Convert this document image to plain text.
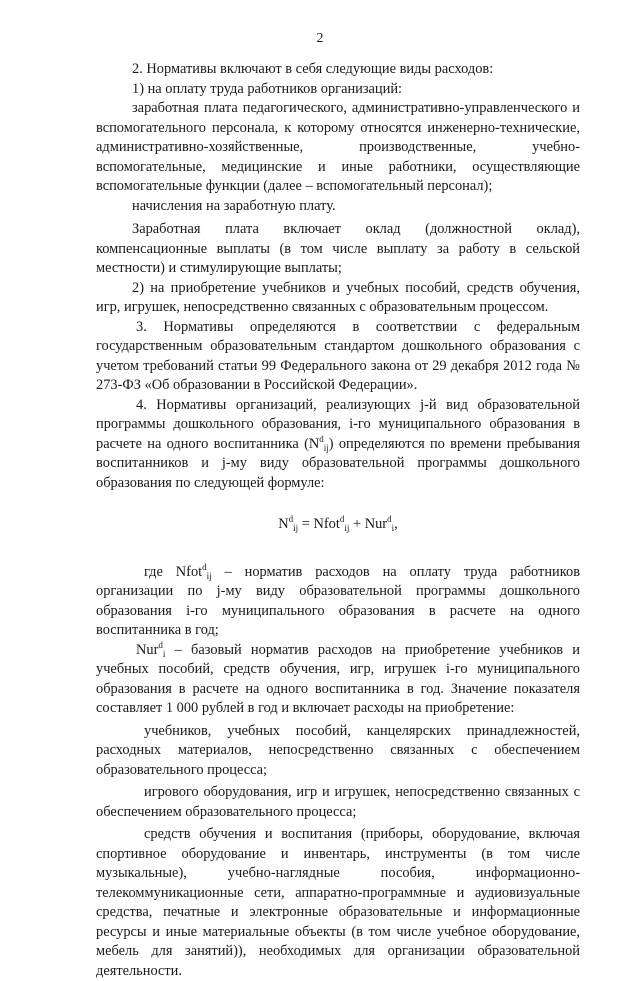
2

2. Нормативы включают в себя следующие виды расходов:

1) на оплату труда работников организаций:

заработная плата педагогического, административно-управленческого и вспомогательного персонала, к которому относятся инженерно-технические, административно-хозяйственные, производственные, учебно-вспомогательные, медицинские и иные работники, осуществляющие вспомогательные функции (далее – вспомогательный персонал);

начисления на заработную плату.

Заработная плата включает оклад (должностной оклад), компенсационные выплаты (в том числе выплату за работу в сельской местности) и стимулирующие выплаты;

2) на приобретение учебников и учебных пособий, средств обучения, игр, игрушек, непосредственно связанных с образовательным процессом.

3. Нормативы определяются в соответствии с федеральным государственным образовательным стандартом дошкольного образования с учетом требований статьи 99 Федерального закона от 29 декабря 2012 года № 273-ФЗ «Об образовании в Российской Федерации».

4. Нормативы организаций, реализующих j-й вид образовательной программы дошкольного образования, i-го муниципального образования в расчете на одного воспитанника $(N^d_{ij})$ определяются по времени пребывания воспитанников и j-му виду образовательной программы дошкольного образования по следующей формуле:

$N^d_{ij}$ = Nfot$^d_{ij}$ + Nur$^d_i$,

где Nfot$^d_{ij}$ – норматив расходов на оплату труда работников организации по j-му виду образовательной программы дошкольного образования i-го муниципального образования в расчете на одного воспитанника в год;

Nur$^d_i$ – базовый норматив расходов на приобретение учебников и учебных пособий, средств обучения, игр, игрушек i-го муниципального образования в расчете на одного воспитанника в год. Значение показателя составляет 1 000 рублей в год и включает расходы на приобретение:

учебников, учебных пособий, канцелярских принадлежностей, расходных материалов, непосредственно связанных с обеспечением образовательного процесса;

игрового оборудования, игр и игрушек, непосредственно связанных с обеспечением образовательного процесса;

средств обучения и воспитания (приборы, оборудование, включая спортивное оборудование и инвентарь, инструменты (в том числе музыкальные), учебно-наглядные пособия, информационно-телекоммуникационные сети, аппаратно-программные и аудиовизуальные средства, печатные и электронные образовательные и информационные ресурсы и иные материальные объекты (в том числе учебное оборудование, мебель для занятий)), необходимых для организации образовательной деятельности.
